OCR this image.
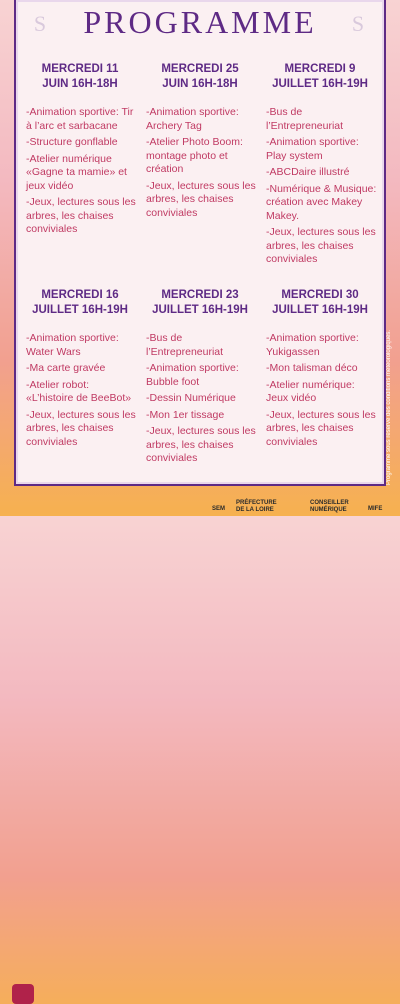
S	S
PROGRAMME
MERCREDI 11
JUIN 16H-18H
-Animation sportive: Tir à l’arc et sarbacane
-Structure gonflable
-Atelier numérique «Gagne ta mamie» et jeux vidéo
-Jeux, lectures sous les arbres, les chaises conviviales
MERCREDI 25
JUIN 16H-18H
-Animation sportive: Archery Tag
-Atelier Photo Boom: montage photo et création
-Jeux, lectures sous les arbres, les chaises conviviales
MERCREDI 9
JUILLET 16H-19H
-Bus de l’Entrepreneuriat
-Animation sportive: Play system
-ABCDaire illustré
-Numérique & Musique: création avec Makey Makey.
-Jeux, lectures sous les arbres, les chaises conviviales
MERCREDI 16
JUILLET 16H-19H
-Animation sportive: Water Wars
-Ma carte gravée
-Atelier robot: «L’histoire de BeeBot»
-Jeux, lectures sous les arbres, les chaises conviviales
MERCREDI 23
JUILLET 16H-19H
-Bus de l’Entrepreneuriat
-Animation sportive: Bubble foot
-Dessin Numérique
-Mon 1er tissage
-Jeux, lectures sous les arbres, les chaises conviviales
MERCREDI 30
JUILLET 16H-19H
-Animation sportive: Yukigassen
-Mon talisman déco
-Atelier numérique: Jeux vidéo
-Jeux, lectures sous les arbres, les chaises conviviales	Programme sous réserve des conditions météorologiques.
SEM
PRÉFECTURE DE LA LOIRE
CONSEILLER NUMÉRIQUE	MIFE
